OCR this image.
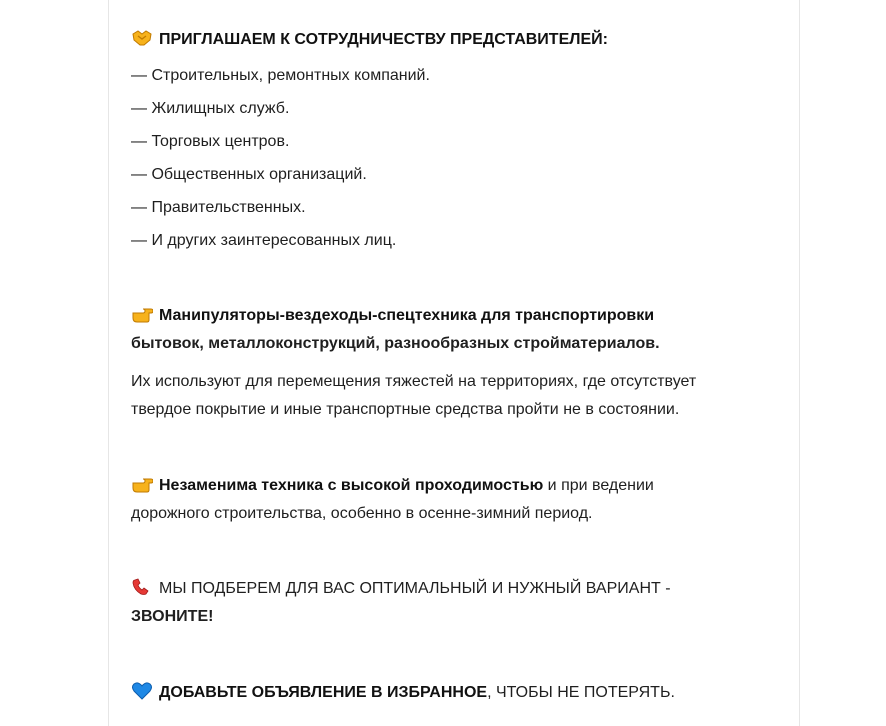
ПРИГЛАШАЕМ К СОТРУДНИЧЕСТВУ ПРЕДСТАВИТЕЛЕЙ:
— Строительных, ремонтных компаний.
— Жилищных служб.
— Торговых центров.
— Общественных организаций.
— Правительственных.
— И других заинтересованных лиц.
Манипуляторы-вездеходы-спецтехника для транспортировки
бытовок, металлоконструкций, разнообразных стройматериалов.
Их используют для перемещения тяжестей на территориях, где отсутствует
твердое покрытие и иные транспортные средства пройти не в состоянии.
Незаменима техника с высокой проходимостью и при ведении
дорожного строительства, особенно в осенне-зимний период.
МЫ ПОДБЕРЕМ ДЛЯ ВАС ОПТИМАЛЬНЫЙ И НУЖНЫЙ ВАРИАНТ -
ЗВОНИТЕ!
ДОБАВЬТЕ ОБЪЯВЛЕНИЕ В ИЗБРАННОЕ, ЧТОБЫ НЕ ПОТЕРЯТЬ.
